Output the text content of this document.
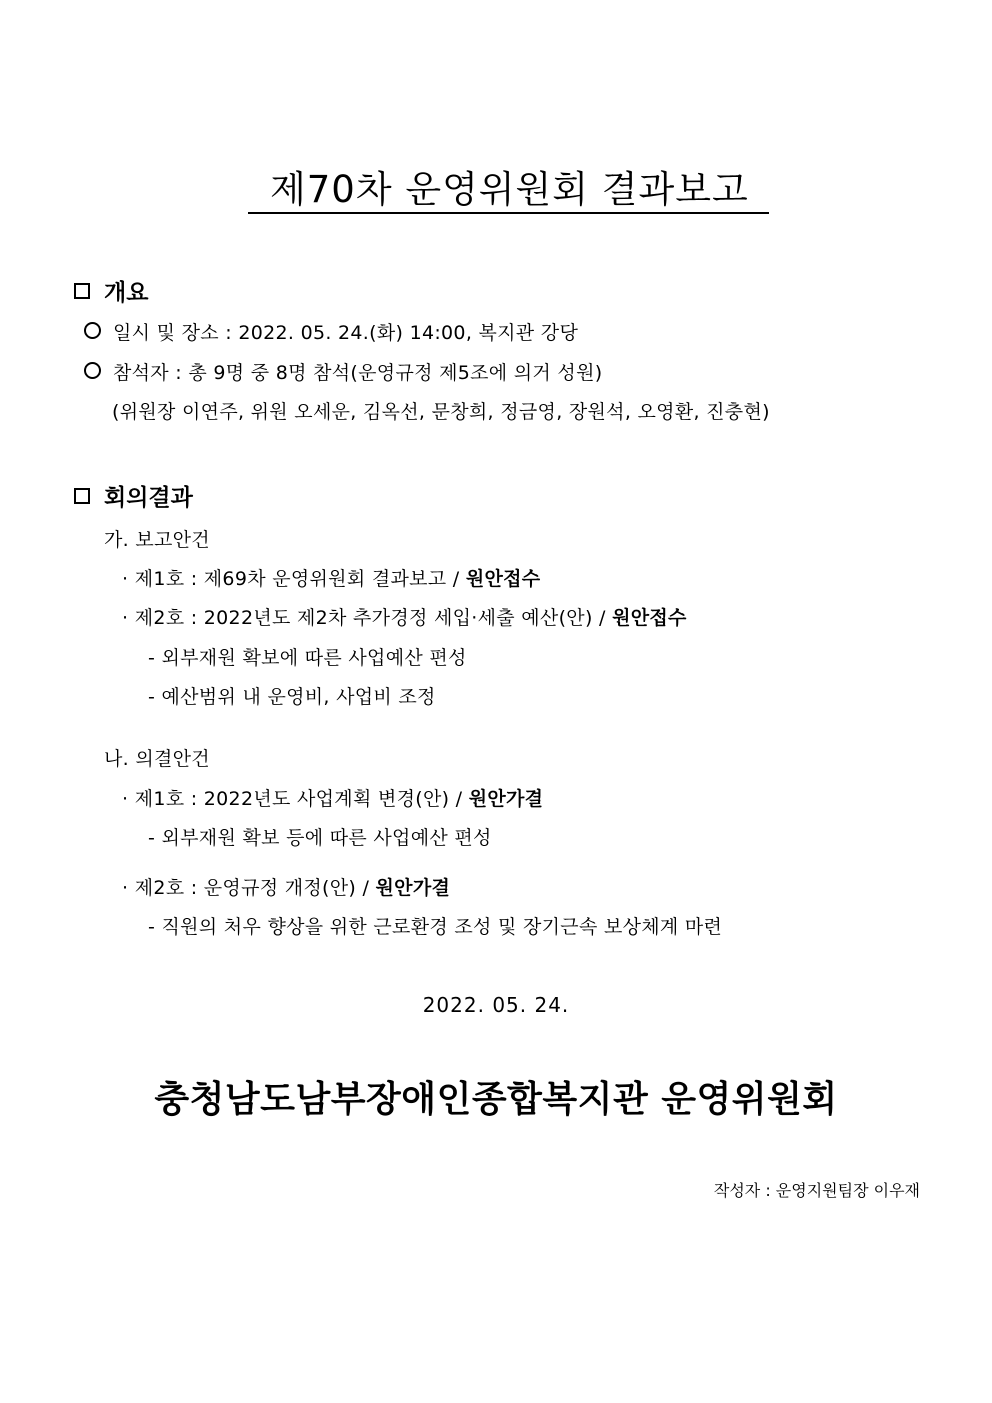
제70차 운영위원회 결과보고
개요
일시 및 장소 : 2022. 05. 24.(화) 14:00, 복지관 강당
참석자 : 총 9명 중 8명 참석(운영규정 제5조에 의거 성원)
(위원장 이연주, 위원 오세운, 김옥선, 문창희, 정금영, 장원석, 오영환, 진충현)
회의결과
가. 보고안건
· 제1호 : 제69차 운영위원회 결과보고 / 원안접수
· 제2호 : 2022년도 제2차 추가경정 세입·세출 예산(안) / 원안접수
- 외부재원 확보에 따른 사업예산 편성
- 예산범위 내 운영비, 사업비 조정
나. 의결안건
· 제1호 : 2022년도 사업계획 변경(안) / 원안가결
- 외부재원 확보 등에 따른 사업예산 편성
· 제2호 : 운영규정 개정(안) / 원안가결
- 직원의 처우 향상을 위한 근로환경 조성 및 장기근속 보상체계 마련
2022. 05. 24.
충청남도남부장애인종합복지관 운영위원회
작성자 : 운영지원팀장 이우재
